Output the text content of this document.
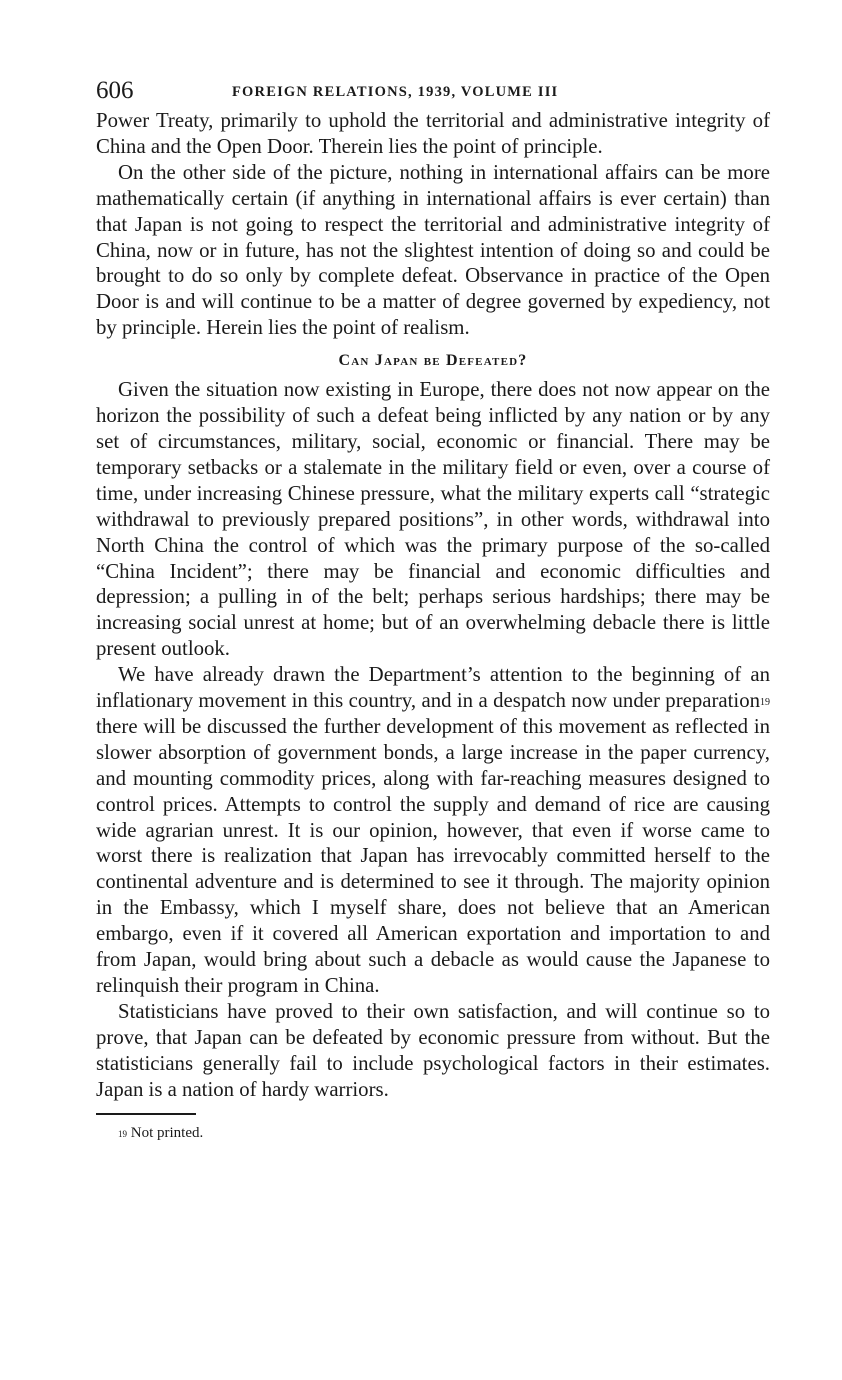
606	FOREIGN RELATIONS, 1939, VOLUME III

Power Treaty, primarily to uphold the territorial and administrative integrity of China and the Open Door. Therein lies the point of principle.

On the other side of the picture, nothing in international affairs can be more mathematically certain (if anything in international affairs is ever certain) than that Japan is not going to respect the territorial and administrative integrity of China, now or in future, has not the slightest intention of doing so and could be brought to do so only by complete defeat. Observance in practice of the Open Door is and will continue to be a matter of degree governed by expediency, not by principle. Herein lies the point of realism.

Can Japan be Defeated?

Given the situation now existing in Europe, there does not now appear on the horizon the possibility of such a defeat being inflicted by any nation or by any set of circumstances, military, social, economic or financial. There may be temporary setbacks or a stalemate in the military field or even, over a course of time, under increasing Chinese pressure, what the military experts call “strategic withdrawal to previously prepared positions”, in other words, withdrawal into North China the control of which was the primary purpose of the so-called “China Incident”; there may be financial and economic difficulties and depression; a pulling in of the belt; perhaps serious hardships; there may be increasing social unrest at home; but of an overwhelming debacle there is little present outlook.

We have already drawn the Department’s attention to the beginning of an inflationary movement in this country, and in a despatch now under preparation$^{19}$ there will be discussed the further development of this movement as reflected in slower absorption of government bonds, a large increase in the paper currency, and mounting commodity prices, along with far-reaching measures designed to control prices. Attempts to control the supply and demand of rice are causing wide agrarian unrest. It is our opinion, however, that even if worse came to worst there is realization that Japan has irrevocably committed herself to the continental adventure and is determined to see it through. The majority opinion in the Embassy, which I myself share, does not believe that an American embargo, even if it covered all American exportation and importation to and from Japan, would bring about such a debacle as would cause the Japanese to relinquish their program in China.

Statisticians have proved to their own satisfaction, and will continue so to prove, that Japan can be defeated by economic pressure from without. But the statisticians generally fail to include psychological factors in their estimates. Japan is a nation of hardy warriors.

$^{19}$ Not printed.
